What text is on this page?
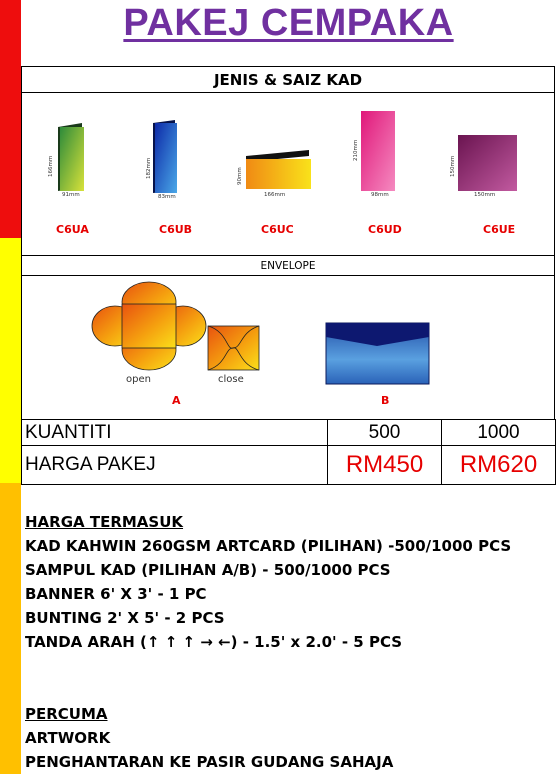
PAKEJ CEMPAKA
JENIS & SAIZ KAD
166mm
91mm
182mm
83mm
90mm
166mm
210mm
98mm
150mm
150mm
C6UA	C6UB	C6UC	C6UD	C6UE
ENVELOPE
open	close
A	B
KUANTITI	500	1000
HARGA PAKEJ	RM450	RM620
HARGA TERMASUK
KAD KAHWIN 260GSM ARTCARD (PILIHAN) -500/1000 PCS
SAMPUL KAD (PILIHAN A/B) - 500/1000 PCS
BANNER 6' X 3' - 1 PC
BUNTING 2' X 5' - 2 PCS
TANDA ARAH (↑ ↑ ↑ → ←) - 1.5' x 2.0' - 5 PCS
PERCUMA
ARTWORK
PENGHANTARAN KE PASIR GUDANG SAHAJA
